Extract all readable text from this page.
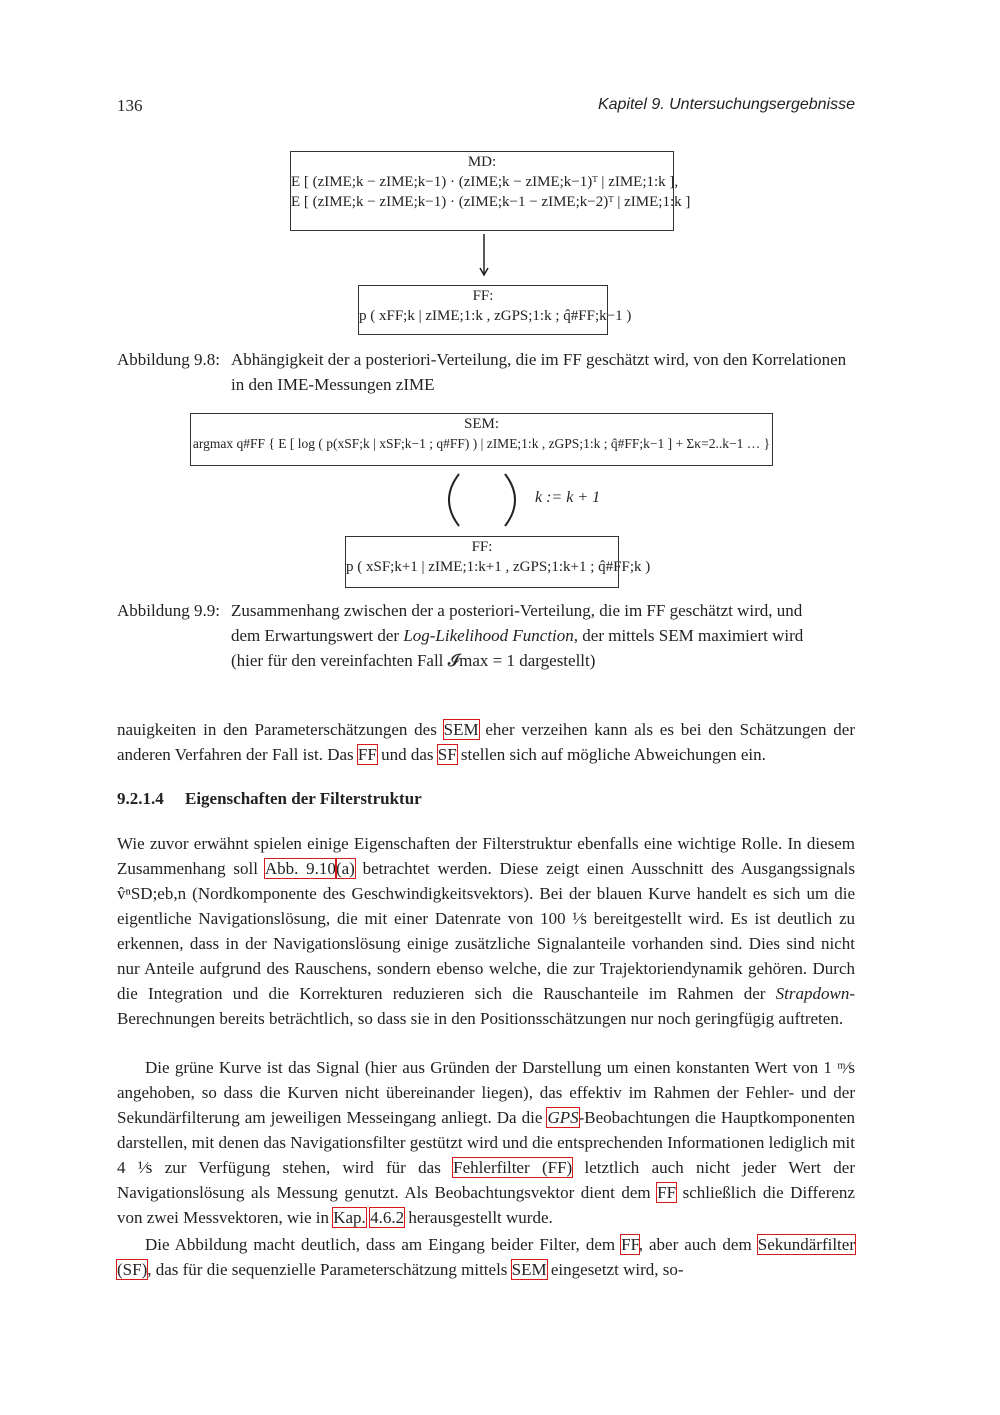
136	Kapitel 9. Untersuchungsergebnisse
MD:
E [ (zIME;k − zIME;k−1) · (zIME;k − zIME;k−1)ᵀ | zIME;1:k ],
E [ (zIME;k − zIME;k−1) · (zIME;k−1 − zIME;k−2)ᵀ | zIME;1:k ]
FF:
p ( xFF;k | zIME;1:k , zGPS;1:k ; q̂#FF;k−1 )
Abbildung 9.8: Abhängigkeit der a posteriori-Verteilung, die im FF geschätzt wird, von den Korrelationen in den IME-Messungen zIME
SEM:
argmax q#FF { E [ log ( p(xSF;k | xSF;k−1 ; q#FF) ) | zIME;1:k , zGPS;1:k ; q̂#FF;k−1 ] + Σκ=2..k−1 … }
k := k + 1
FF:
p ( xSF;k+1 | zIME;1:k+1 , zGPS;1:k+1 ; q̂#FF;k )
Abbildung 9.9: Zusammenhang zwischen der a posteriori-Verteilung, die im FF geschätzt wird, und
dem Erwartungswert der Log-Likelihood Function, der mittels SEM maximiert wird
(hier für den vereinfachten Fall 𝓘max = 1 dargestellt)
nauigkeiten in den Parameterschätzungen des SEM eher verzeihen kann als es bei den Schätzungen der anderen Verfahren der Fall ist. Das FF und das SF stellen sich auf mögliche Abweichungen ein.
9.2.1.4 Eigenschaften der Filterstruktur
Wie zuvor erwähnt spielen einige Eigenschaften der Filterstruktur ebenfalls eine wichtige Rolle. In diesem Zusammenhang soll Abb. 9.10(a) betrachtet werden. Diese zeigt einen Ausschnitt des Ausgangssignals v̂ⁿSD;eb,n (Nordkomponente des Geschwindigkeitsvektors). Bei der blauen Kurve handelt es sich um die eigentliche Navigationslösung, die mit einer Datenrate von 100 ¹⁄s bereitgestellt wird. Es ist deutlich zu erkennen, dass in der Navigationslösung einige zusätzliche Signalanteile vorhanden sind. Dies sind nicht nur Anteile aufgrund des Rauschens, sondern ebenso welche, die zur Trajektoriendynamik gehören. Durch die Integration und die Korrekturen reduzieren sich die Rauschanteile im Rahmen der Strapdown-Berechnungen bereits beträchtlich, so dass sie in den Positionsschätzungen nur noch geringfügig auftreten.
Die grüne Kurve ist das Signal (hier aus Gründen der Darstellung um einen konstanten Wert von 1 ᵐ⁄s angehoben, so dass die Kurven nicht übereinander liegen), das effektiv im Rahmen der Fehler- und der Sekundärfilterung am jeweiligen Messeingang anliegt. Da die GPS-Beobachtungen die Hauptkomponenten darstellen, mit denen das Navigationsfilter gestützt wird und die entsprechenden Informationen lediglich mit 4 ¹⁄s zur Verfügung stehen, wird für das Fehlerfilter (FF) letztlich auch nicht jeder Wert der Navigationslösung als Messung genutzt. Als Beobachtungsvektor dient dem FF schließlich die Differenz von zwei Messvektoren, wie in Kap. 4.6.2 herausgestellt wurde.
Die Abbildung macht deutlich, dass am Eingang beider Filter, dem FF, aber auch dem Sekundärfilter (SF), das für die sequenzielle Parameterschätzung mittels SEM eingesetzt wird, so-
